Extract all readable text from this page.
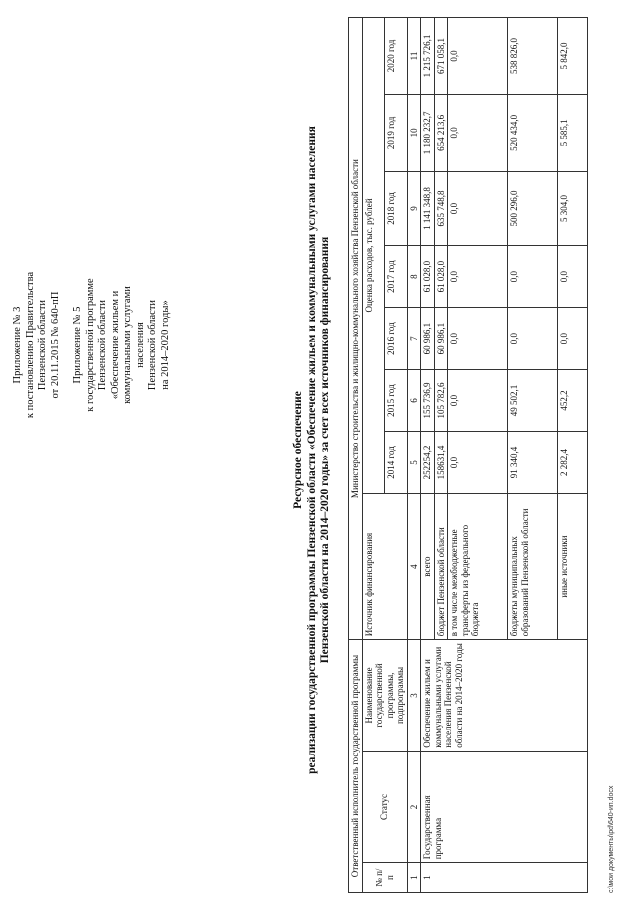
Приложение № 3 к постановлению Правительства Пензенской области от 20.11.2015 № 640-пП Приложение № 5 к государственной программе Пензенской области «Обеспечение жильем и коммунальными услугами населения Пензенской области на 2014–2020 годы»

Ресурсное обеспечение реализации государственной программы Пензенской области «Обеспечение жильем и коммунальными услугами населения Пензенской области на 2014–2020 годы» за счет всех источников финансирования
Ответственный исполнитель государственной программы			Министерство строительства и жилищно-коммунального хозяйства Пензенской области							
№ п/п	Статус	Наименование государственной программы, подпрограммы	Источник финансирования	Оценка расходов, тыс. рублей						
				2014 год	2015 год	2016 год	2017 год	2018 год	2019 год	2020 год
1	2	3	4	5	6	7	8	9	10	11
1	Государственная программа	Обеспечение жильем и коммунальными услугами населения Пензенской области на 2014–2020 годы	всего	252254,2	155 736,9	60 986,1	61 028,0	1 141 348,8	1 180 232,7	1 215 726,1
			бюджет Пензенской области	158631,4	105 782,6	60 986,1	61 028,0	635 748,8	654 213,6	671 058,1
			в том числе межбюджетные трансферты из федерального бюджета	0,0	0,0	0,0	0,0	0,0	0,0	0,0
			бюджеты муниципальных образований Пензенской области	91 340,4	49 502,1	0,0	0,0	500 296,0	520 434,0	538 826,0
			иные источники	2 282,4	452,2	0,0	0,0	5 304,0	5 585,1	5 842,0
c:\мои документы\pd\640-ип.docx
